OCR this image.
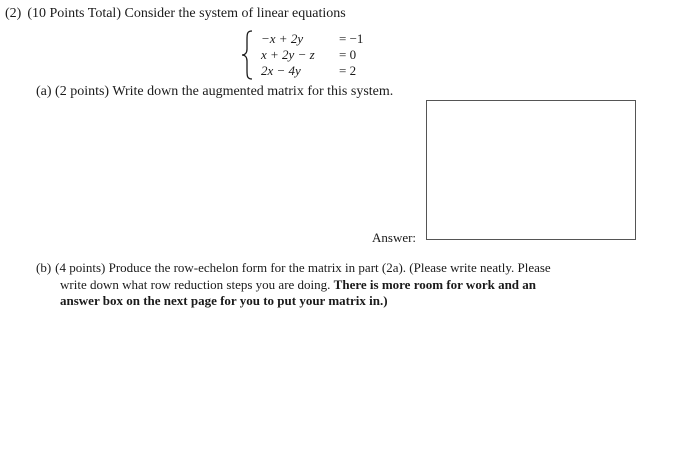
(2) (10 Points Total) Consider the system of linear equations
−x + 2y	= −1
x + 2y − z = 0
2x − 4y	= 2
(a) (2 points) Write down the augmented matrix for this system.
Answer:
(b) (4 points) Produce the row-echelon form for the matrix in part (2a). (Please write neatly. Please
write down what row reduction steps you are doing. There is more room for work and an
answer box on the next page for you to put your matrix in.)
